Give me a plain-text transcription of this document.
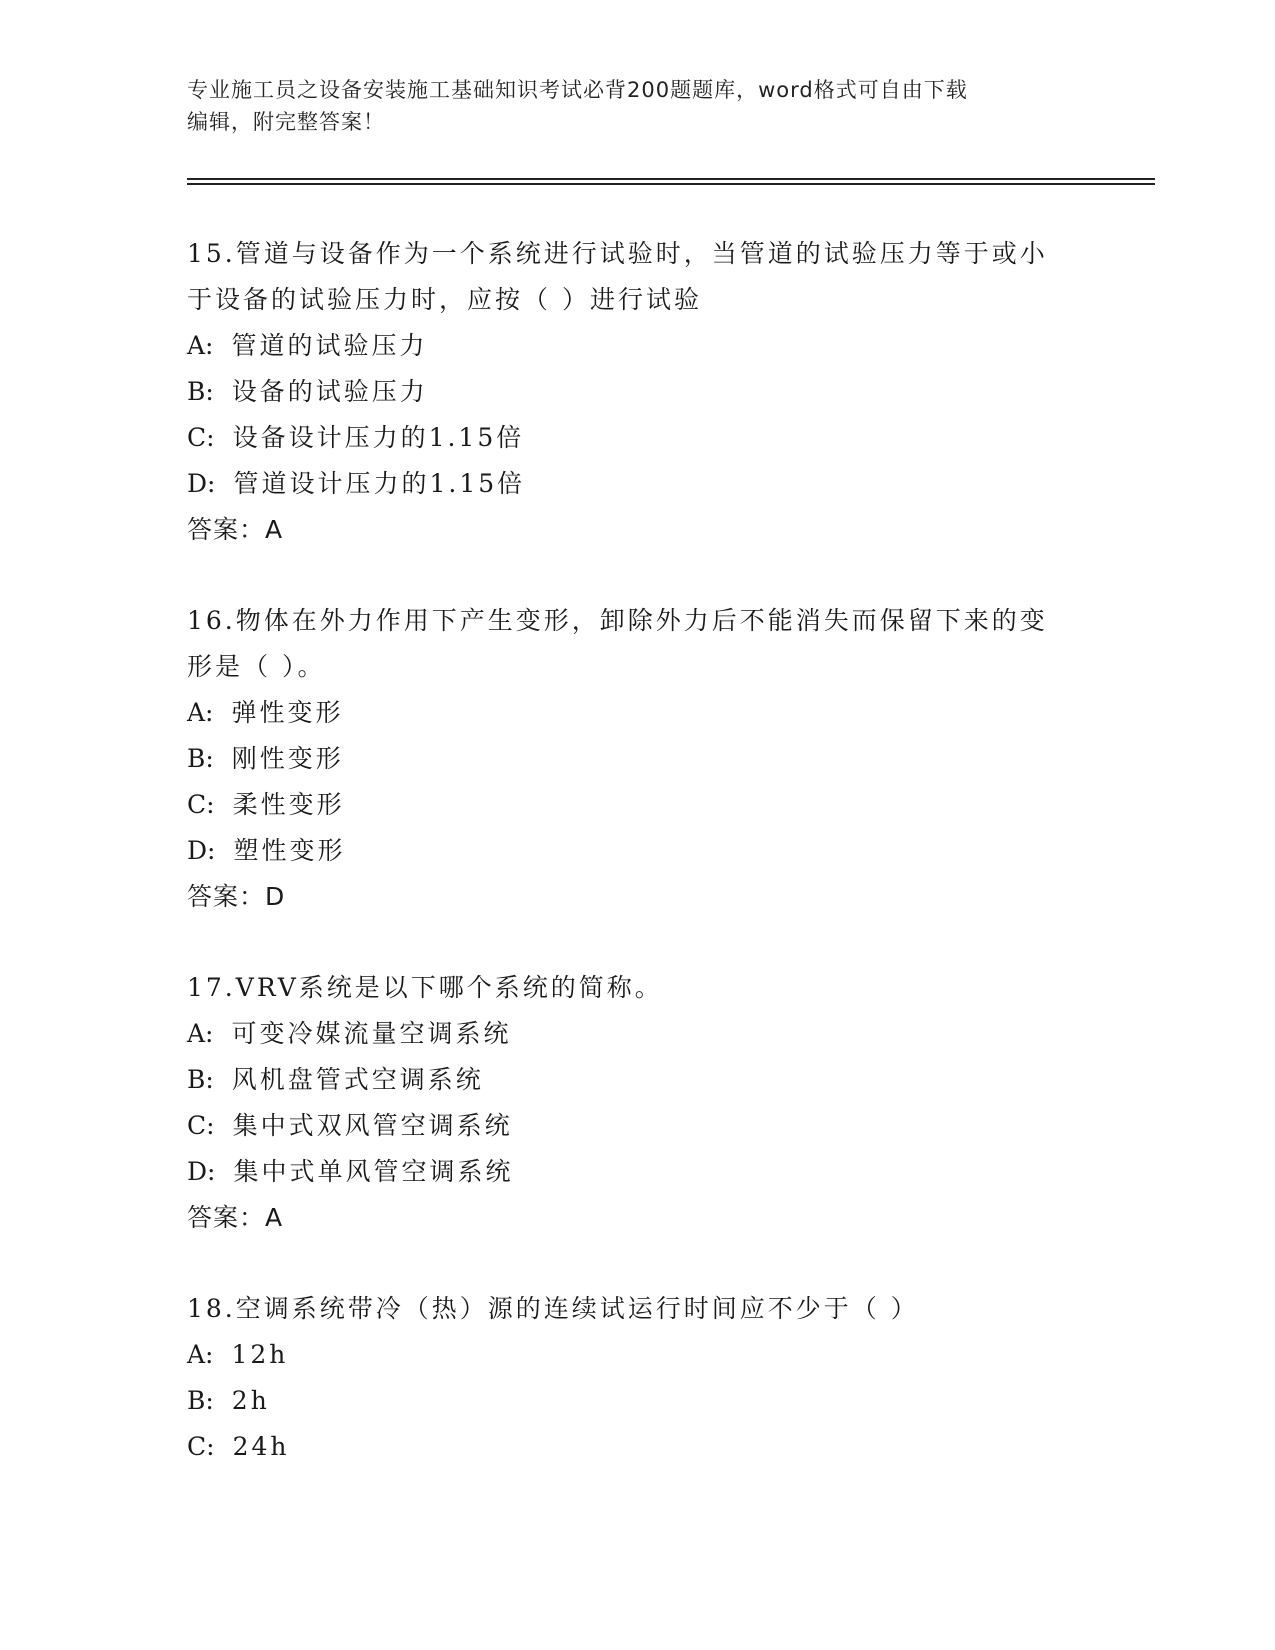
专业施工员之设备安装施工基础知识考试必背200题题库，word格式可自由下载
编辑，附完整答案！
15.管道与设备作为一个系统进行试验时，当管道的试验压力等于或小
于设备的试验压力时，应按（ ）进行试验
A: 管道的试验压力
B: 设备的试验压力
C: 设备设计压力的1.15倍
D: 管道设计压力的1.15倍
答案：A
16.物体在外力作用下产生变形，卸除外力后不能消失而保留下来的变
形是（ ）。
A: 弹性变形
B: 刚性变形
C: 柔性变形
D: 塑性变形
答案：D
17.VRV系统是以下哪个系统的简称。
A: 可变冷媒流量空调系统
B: 风机盘管式空调系统
C: 集中式双风管空调系统
D: 集中式单风管空调系统
答案：A
18.空调系统带冷（热）源的连续试运行时间应不少于（ ）
A: 12h
B: 2h
C: 24h
